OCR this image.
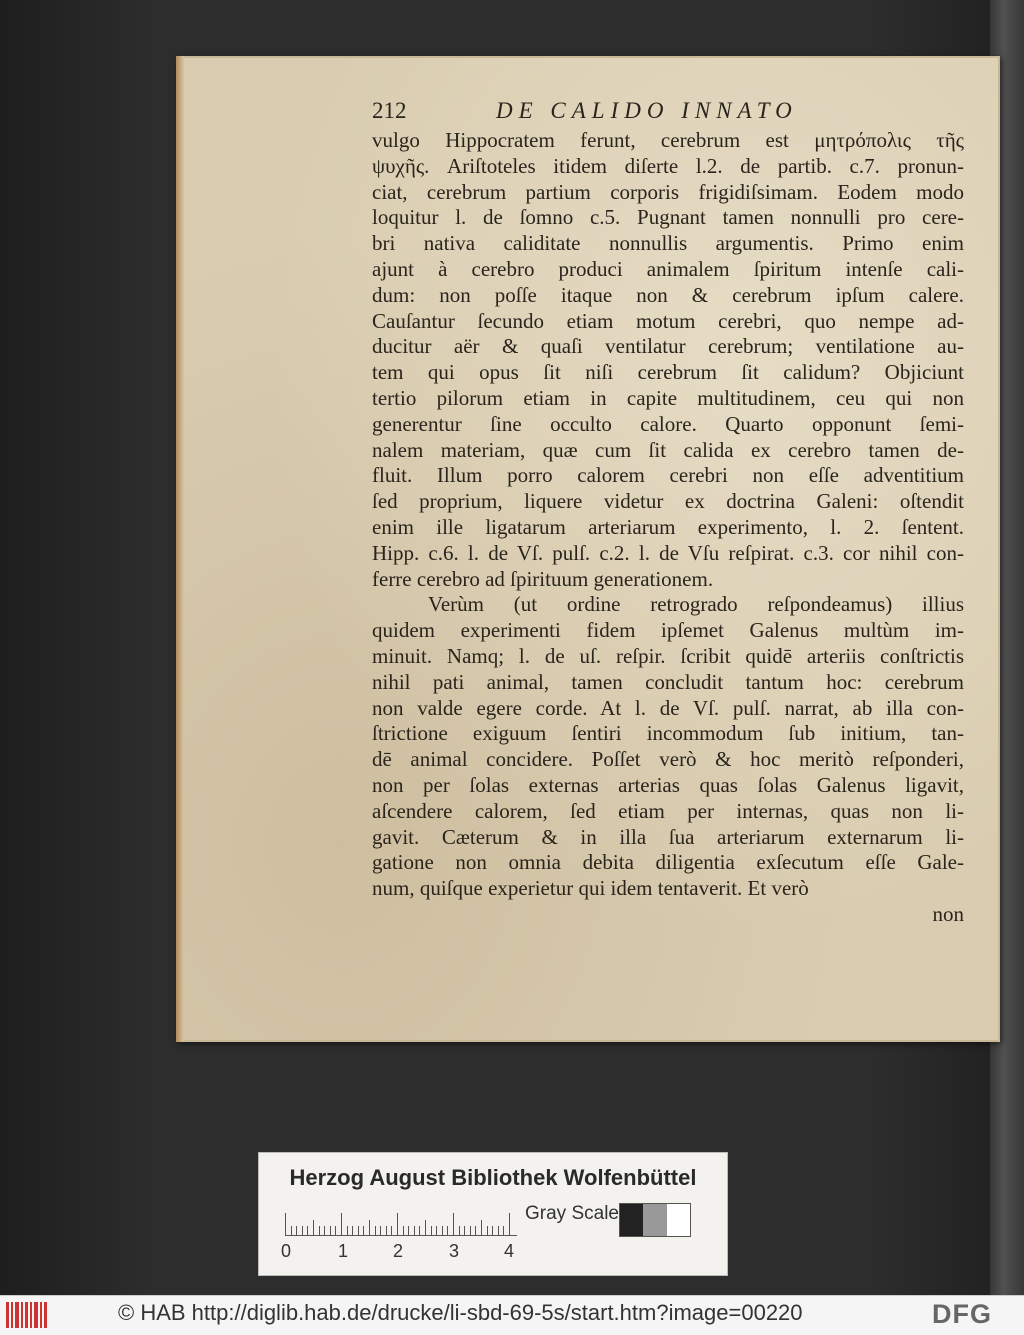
212	DE CALIDO INNATO
vulgo Hippocratem ferunt, cerebrum est μητρόπολις τῆς
ψυχῆς. Ariſtoteles itidem diſerte l.2. de partib. c.7. pronun-
ciat, cerebrum partium corporis frigidiſsimam. Eodem modo
loquitur l. de ſomno c.5. Pugnant tamen nonnulli pro cere-
bri nativa caliditate nonnullis argumentis. Primo enim
ajunt à cerebro produci animalem ſpiritum intenſe cali-
dum: non poſſe itaque non & cerebrum ipſum calere.
Cauſantur ſecundo etiam motum cerebri, quo nempe ad-
ducitur aër & quaſi ventilatur cerebrum; ventilatione au-
tem qui opus ſit niſi cerebrum ſit calidum? Objiciunt
tertio pilorum etiam in capite multitudinem, ceu qui non
generentur ſine occulto calore. Quarto opponunt ſemi-
nalem materiam, quæ cum ſit calida ex cerebro tamen de-
fluit. Illum porro calorem cerebri non eſſe adventitium
ſed proprium, liquere videtur ex doctrina Galeni: oſtendit
enim ille ligatarum arteriarum experimento, l. 2. ſentent.
Hipp. c.6. l. de Vſ. pulſ. c.2. l. de Vſu reſpirat. c.3. cor nihil con-
ferre cerebro ad ſpirituum generationem.
Verùm (ut ordine retrogrado reſpondeamus) illius
quidem experimenti fidem ipſemet Galenus multùm im-
minuit. Namq; l. de uſ. reſpir. ſcribit quidē arteriis conſtrictis
nihil pati animal, tamen concludit tantum hoc: cerebrum
non valde egere corde. At l. de Vſ. pulſ. narrat, ab illa con-
ſtrictione exiguum ſentiri incommodum ſub initium, tan-
dē animal concidere. Poſſet verò & hoc meritò reſponderi,
non per ſolas externas arterias quas ſolas Galenus ligavit,
aſcendere calorem, ſed etiam per internas, quas non li-
gavit. Cæterum & in illa ſua arteriarum externarum li-
gatione non omnia debita diligentia exſecutum eſſe Gale-
num, quiſque experietur qui idem tentaverit. Et verò
non
Herzog August Bibliothek Wolfenbüttel
0	1 2	3 4
Gray Scale
© HAB http://diglib.hab.de/drucke/li-sbd-69-5s/start.htm?image=00220	DFG
